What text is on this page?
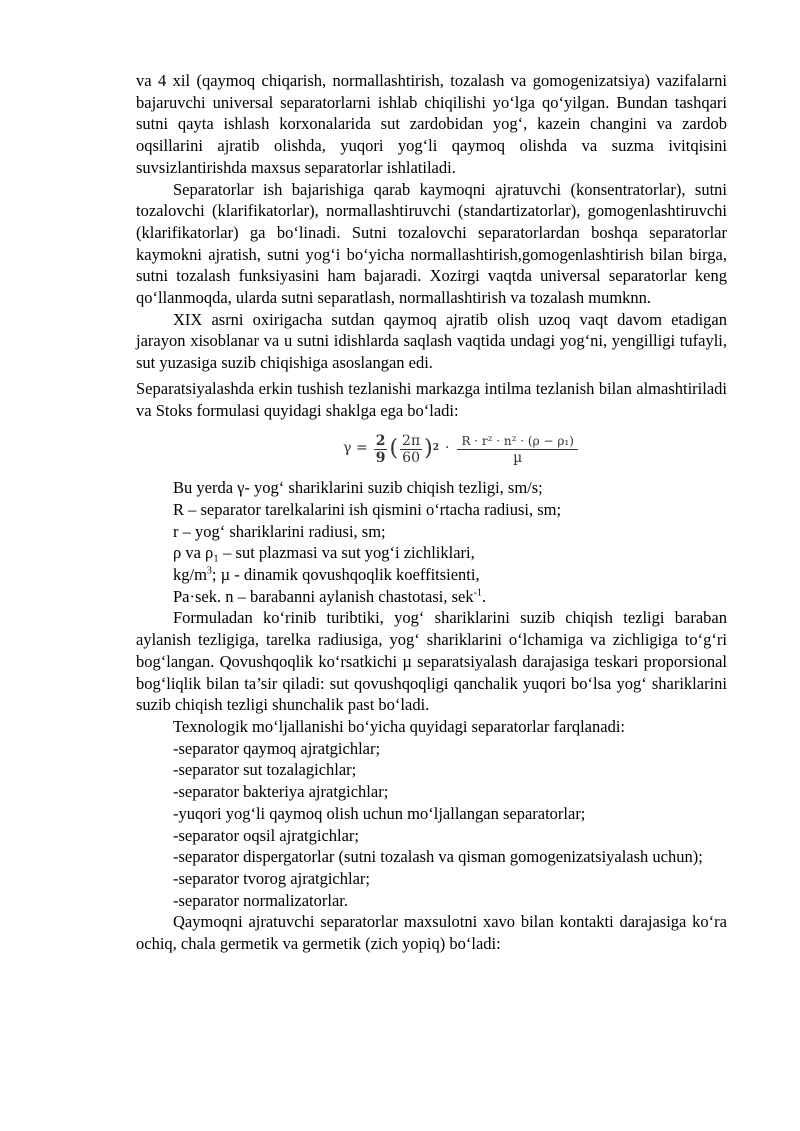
va 4 xil (qaymoq chiqarish, normallashtirish, tozalash va gomogenizatsiya) vazifalarni bajaruvchi universal separatorlarni ishlab chiqilishi yo‘lga qo‘yilgan. Bundan tashqari sutni qayta ishlash korxonalarida sut zardobidan yog‘, kazein changini va zardob oqsillarini ajratib olishda, yuqori yog‘li qaymoq olishda va suzma ivitqisini suvsizlantirishda maxsus separatorlar ishlatiladi.

Separatorlar ish bajarishiga qarab kaymoqni ajratuvchi (konsentratorlar), sutni tozalovchi (klarifikatorlar), normallashtiruvchi (standartizatorlar), gomogenlashtiruvchi (klarifikatorlar) ga bo‘linadi. Sutni tozalovchi separatorlardan boshqa separatorlar kaymokni ajratish, sutni yog‘i bo‘yicha normallashtirish,gomogenlashtirish bilan birga, sutni tozalash funksiyasini ham bajaradi. Xozirgi vaqtda universal separatorlar keng qo‘llanmoqda, ularda sutni separatlash, normallashtirish va tozalash mumknn.

XIX asrni oxirigacha sutdan qaymoq ajratib olish uzoq vaqt davom etadigan jarayon xisoblanar va u sutni idishlarda saqlash vaqtida undagi yog‘ni, yengilligi tufayli, sut yuzasiga suzib chiqishiga asoslangan edi.

Separatsiyalashda erkin tushish tezlanishi markazga intilma tezlanish bilan almashtiriladi va Stoks formulasi quyidagi shaklga ega bo‘ladi:

$\gamma = \frac{2}{9}$ ( $\frac{2\pi}{60}$ ) $2 \cdot \frac{\text{R · r² · n² · (ρ − ρ₁)}}{\text{µ}}$

Bu yerda γ- yog‘ shariklarini suzib chiqish tezligi, sm/s;

R – separator tarelkalarini ish qismini o‘rtacha radiusi, sm;

r – yog‘ shariklarini radiusi, sm;

ρ va ρ₁ – sut plazmasi va sut yog‘i zichliklari,

$kg/m^3$; µ - dinamik qovushqoqlik koeffitsienti,

Pa·sek. n – barabanni aylanish chastotasi, sek$^{-1}$.

Formuladan ko‘rinib turibtiki, yog‘ shariklarini suzib chiqish tezligi baraban aylanish tezligiga, tarelka radiusiga, yog‘ shariklarini o‘lchamiga va zichligiga to‘g‘ri bog‘langan. Qovushqoqlik ko‘rsatkichi µ separatsiyalash darajasiga teskari proporsional bog‘liqlik bilan ta’sir qiladi: sut qovushqoqligi qanchalik yuqori bo‘lsa yog‘ shariklarini suzib chiqish tezligi shunchalik past bo‘ladi.

Texnologik mo‘ljallanishi bo‘yicha quyidagi separatorlar farqlanadi:

-separator qaymoq ajratgichlar;

-separator sut tozalagichlar;

-separator bakteriya ajratgichlar;

-yuqori yog‘li qaymoq olish uchun mo‘ljallangan separatorlar;

-separator oqsil ajratgichlar;

-separator dispergatorlar (sutni tozalash va qisman gomogenizatsiyalash uchun);

-separator tvorog ajratgichlar;

-separator normalizatorlar.

Qaymoqni ajratuvchi separatorlar maxsulotni xavo bilan kontakti darajasiga ko‘ra ochiq, chala germetik va germetik (zich yopiq) bo‘ladi:
